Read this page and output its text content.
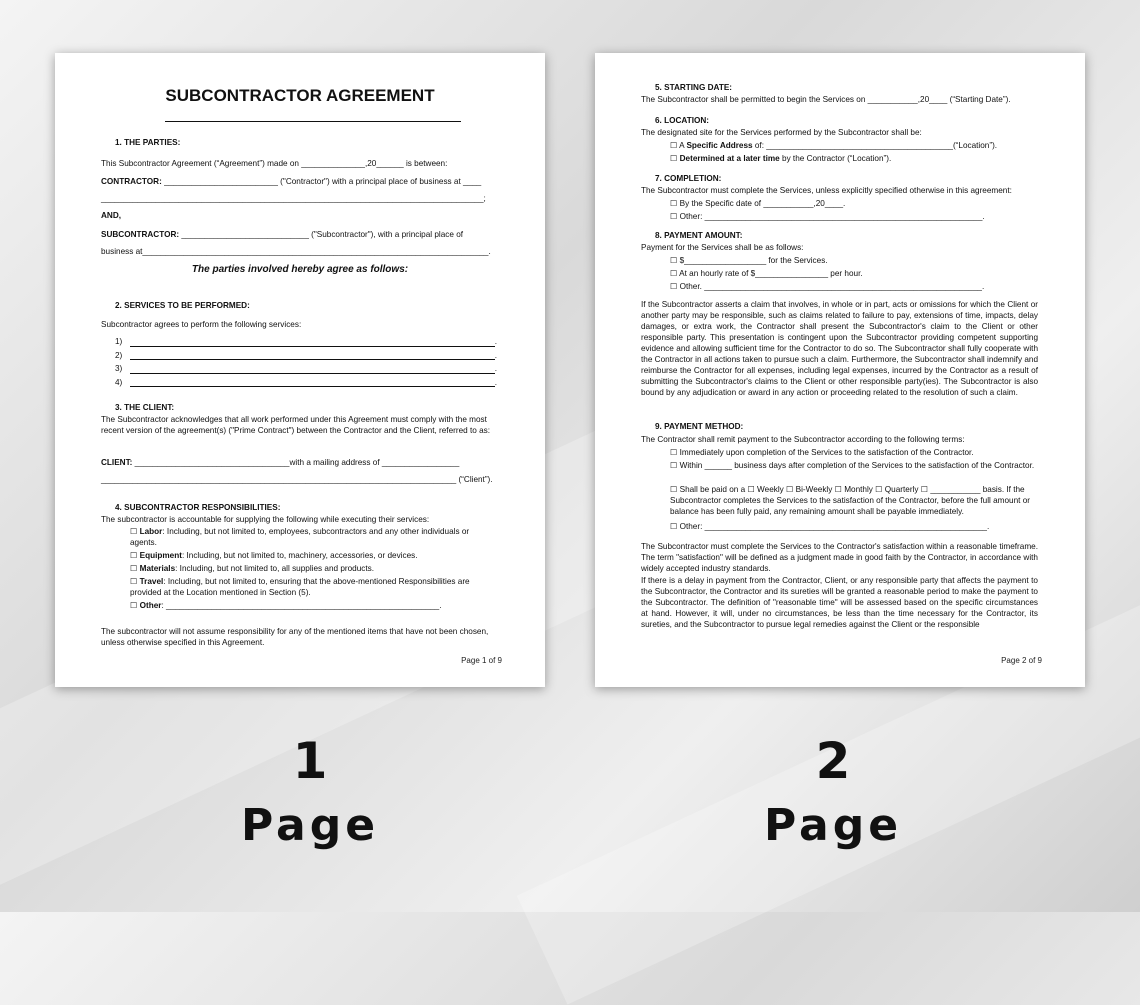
SUBCONTRACTOR AGREEMENT

1. THE PARTIES:

This Subcontractor Agreement (“Agreement”) made on ______________,20______ is between:

CONTRACTOR: _________________________ ("Contractor") with a principal place of business at ____

____________________________________________________________________________________;

AND,

SUBCONTRACTOR: ____________________________ ("Subcontractor"), with a principal place of

business at____________________________________________________________________________.

The parties involved hereby agree as follows:

2. SERVICES TO BE PERFORMED:

Subcontractor agrees to perform the following services:

1)	.
2)	.
3)	.
4)	.

3. THE CLIENT:

The Subcontractor acknowledges that all work performed under this Agreement must comply with the most recent version of the agreement(s) ("Prime Contract") between the Contractor and the Client, referred to as:

CLIENT: __________________________________with a mailing address of _________________

______________________________________________________________________________ (“Client”).

4. SUBCONTRACTOR RESPONSIBILITIES:

The subcontractor is accountable for supplying the following while executing their services:

☐ Labor: Including, but not limited to, employees, subcontractors and any other individuals or agents.

☐ Equipment: Including, but not limited to, machinery, accessories, or devices.

☐ Materials: Including, but not limited to, all supplies and products.

☐ Travel: Including, but not limited to, ensuring that the above-mentioned Responsibilities are provided at the Location mentioned in Section (5).

☐ Other: ____________________________________________________________.

The subcontractor will not assume responsibility for any of the mentioned items that have not been chosen, unless otherwise specified in this Agreement.

Page 1 of 9

5. STARTING DATE:

The Subcontractor shall be permitted to begin the Services on ___________,20____ (“Starting Date”).

6. LOCATION:

The designated site for the Services performed by the Subcontractor shall be:

☐ A Specific Address of: _________________________________________(“Location”).

☐ Determined at a later time by the Contractor (“Location”).

7. COMPLETION:

The Subcontractor must complete the Services, unless explicitly specified otherwise in this agreement:

☐ By the Specific date of ___________,20____.

☐ Other: _____________________________________________________________.

8. PAYMENT AMOUNT:

Payment for the Services shall be as follows:

☐ $__________________ for the Services.

☐ At an hourly rate of $________________ per hour.

☐ Other. _____________________________________________________________.

If the Subcontractor asserts a claim that involves, in whole or in part, acts or omissions for which the Client or another party may be responsible, such as claims related to failure to pay, extensions of time, impacts, delay damages, or extra work, the Contractor shall present the Subcontractor's claim to the Client or other responsible party. This presentation is contingent upon the Subcontractor providing competent supporting evidence and allowing sufficient time for the Contractor to do so. The Subcontractor shall fully cooperate with the Contractor in all actions taken to pursue such a claim. Furthermore, the Subcontractor shall indemnify and reimburse the Contractor for all expenses, including legal expenses, incurred by the Contractor as a result of submitting the Subcontractor's claims to the Client or other responsible party(ies). The Subcontractor is also bound by any adjudication or award in any action or proceeding related to the resolution of such a claim.

9. PAYMENT METHOD:

The Contractor shall remit payment to the Subcontractor according to the following terms:

☐ Immediately upon completion of the Services to the satisfaction of the Contractor.

☐ Within ______ business days after completion of the Services to the satisfaction of the Contractor.

☐ Shall be paid on a ☐ Weekly ☐ Bi-Weekly ☐ Monthly ☐ Quarterly ☐ ___________ basis. If the Subcontractor completes the Services to the satisfaction of the Contractor, before the full amount or balance has been fully paid, any remaining amount shall be payable immediately.

☐ Other: ______________________________________________________________.

The Subcontractor must complete the Services to the Contractor's satisfaction within a reasonable timeframe. The term "satisfaction" will be defined as a judgment made in good faith by the Contractor, in accordance with widely accepted industry standards.

If there is a delay in payment from the Contractor, Client, or any responsible party that affects the payment to the Subcontractor, the Contractor and its sureties will be granted a reasonable period to make the payment to the Subcontractor. The definition of "reasonable time" will be assessed based on the specific circumstances at hand. However, it will, under no circumstances, be less than the time necessary for the Contractor, its sureties, and the Subcontractor to pursue legal remedies against the Client or the responsible

Page 2 of 9
1
Page
2
Page
